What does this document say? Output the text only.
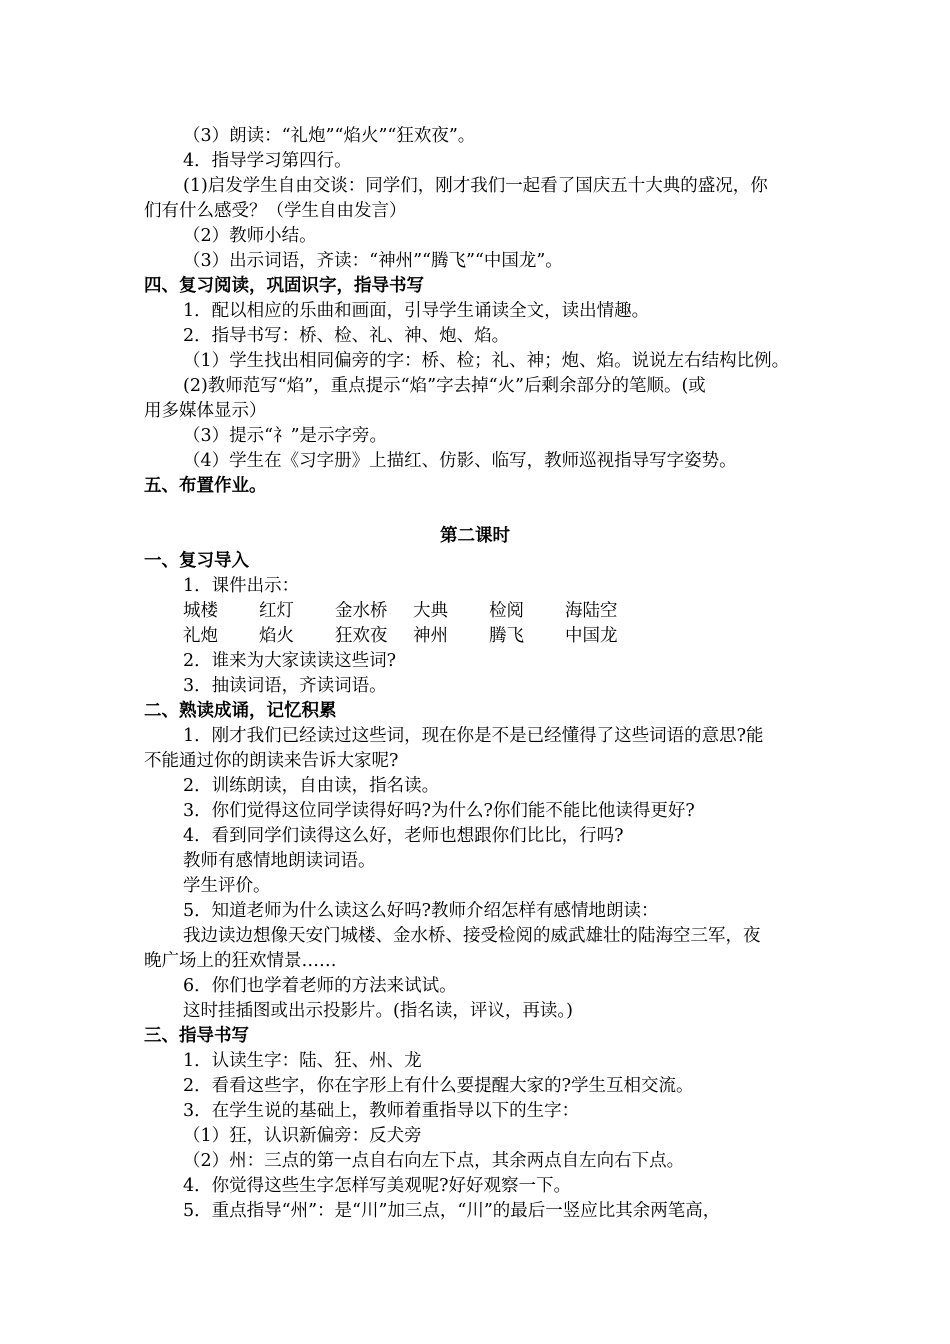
（3）朗读：“礼炮”“焰火”“狂欢夜”。
4．指导学习第四行。
(1)启发学生自由交谈：同学们，刚才我们一起看了国庆五十大典的盛况，你
们有什么感受？（学生自由发言）
（2）教师小结。
（3）出示词语，齐读：“神州”“腾飞”“中国龙”。
四、复习阅读，巩固识字，指导书写
1．配以相应的乐曲和画面，引导学生诵读全文，读出情趣。
2．指导书写：桥、检、礼、神、炮、焰。
（1）学生找出相同偏旁的字：桥、检；礼、神；炮、焰。说说左右结构比例。
(2)教师范写“焰”，重点提示“焰”字去掉“火”后剩余部分的笔顺。(或
用多媒体显示）
（3）提示“礻”是示字旁。
（4）学生在《习字册》上描红、仿影、临写，教师巡视指导写字姿势。
五、布置作业。
第二课时
一、复习导入
1．课件出示：
城楼 红灯 金水桥 大典 检阅 海陆空
礼炮 焰火 狂欢夜 神州 腾飞 中国龙
2．谁来为大家读读这些词?
3．抽读词语，齐读词语。
二、熟读成诵，记忆积累
1．刚才我们已经读过这些词，现在你是不是已经懂得了这些词语的意思?能
不能通过你的朗读来告诉大家呢?
2．训练朗读，自由读，指名读。
3．你们觉得这位同学读得好吗?为什么?你们能不能比他读得更好?
4．看到同学们读得这么好，老师也想跟你们比比，行吗?
教师有感情地朗读词语。
学生评价。
5．知道老师为什么读这么好吗?教师介绍怎样有感情地朗读：
我边读边想像天安门城楼、金水桥、接受检阅的威武雄壮的陆海空三军，夜
晚广场上的狂欢情景……
6．你们也学着老师的方法来试试。
这时挂插图或出示投影片。(指名读，评议，再读。)
三、指导书写
1．认读生字：陆、狂、州、龙
2．看看这些字，你在字形上有什么要提醒大家的?学生互相交流。
3．在学生说的基础上，教师着重指导以下的生字：
（1）狂，认识新偏旁：反犬旁
（2）州：三点的第一点自右向左下点，其余两点自左向右下点。
4．你觉得这些生字怎样写美观呢?好好观察一下。
5．重点指导“州”：是“川”加三点，“川”的最后一竖应比其余两笔高，
